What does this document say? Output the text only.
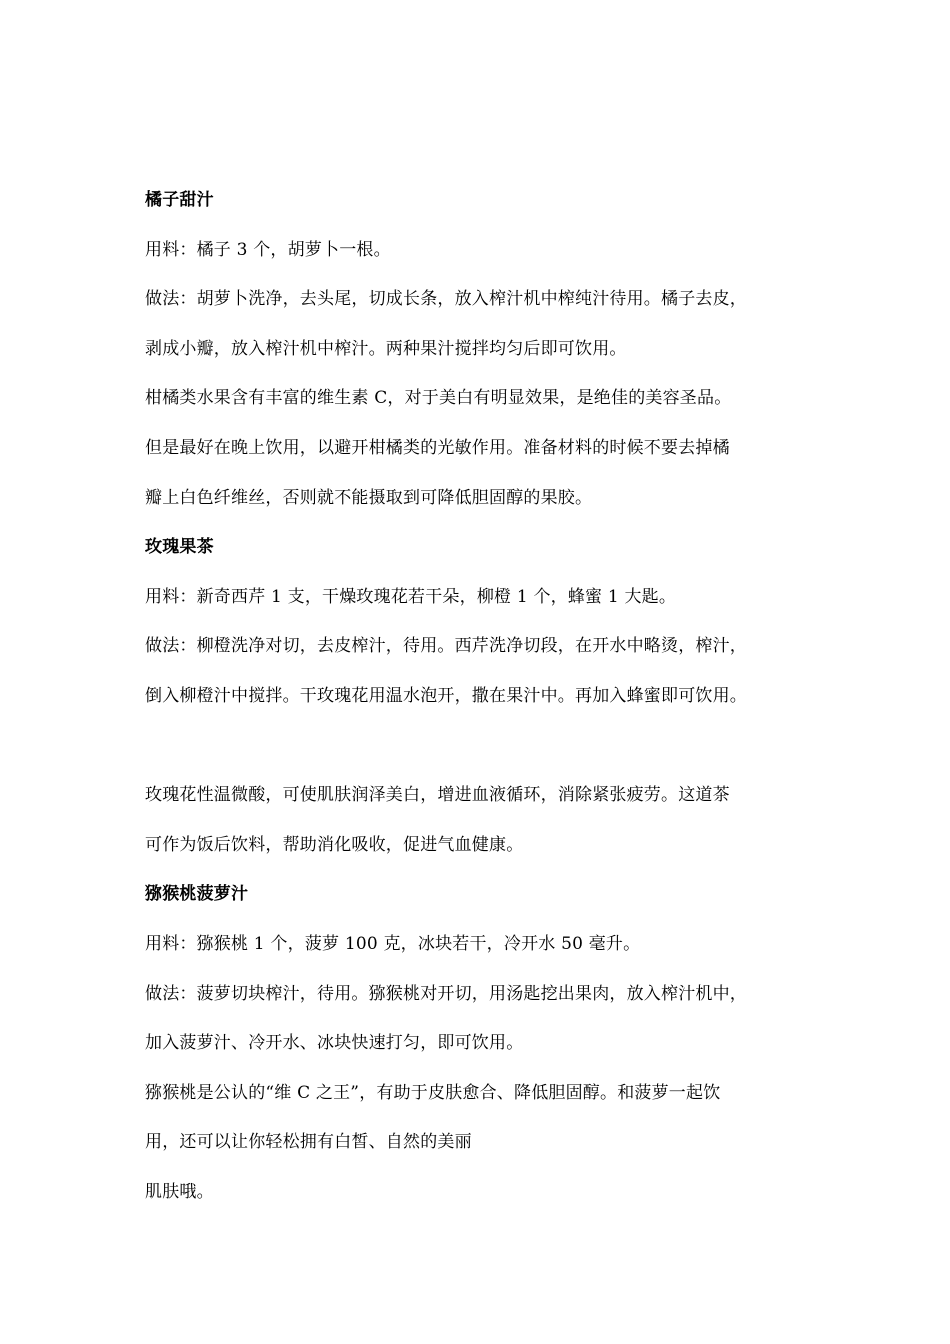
橘子甜汁
用料：橘子 3 个，胡萝卜一根。
做法：胡萝卜洗净，去头尾，切成长条，放入榨汁机中榨纯汁待用。橘子去皮，
剥成小瓣，放入榨汁机中榨汁。两种果汁搅拌均匀后即可饮用。
柑橘类水果含有丰富的维生素 C，对于美白有明显效果，是绝佳的美容圣品。
但是最好在晚上饮用，以避开柑橘类的光敏作用。准备材料的时候不要去掉橘
瓣上白色纤维丝，否则就不能摄取到可降低胆固醇的果胶。
玫瑰果茶
用料：新奇西芹 1 支，干燥玫瑰花若干朵，柳橙 1 个，蜂蜜 1 大匙。
做法：柳橙洗净对切，去皮榨汁，待用。西芹洗净切段，在开水中略烫，榨汁，
倒入柳橙汁中搅拌。干玫瑰花用温水泡开，撒在果汁中。再加入蜂蜜即可饮用。
玫瑰花性温微酸，可使肌肤润泽美白，增进血液循环，消除紧张疲劳。这道茶
可作为饭后饮料，帮助消化吸收，促进气血健康。
猕猴桃菠萝汁
用料：猕猴桃 1 个，菠萝 100 克，冰块若干，冷开水 50 毫升。
做法：菠萝切块榨汁，待用。猕猴桃对开切，用汤匙挖出果肉，放入榨汁机中，
加入菠萝汁、冷开水、冰块快速打匀，即可饮用。
猕猴桃是公认的“维 C 之王”，有助于皮肤愈合、降低胆固醇。和菠萝一起饮
用，还可以让你轻松拥有白皙、自然的美丽
肌肤哦。
